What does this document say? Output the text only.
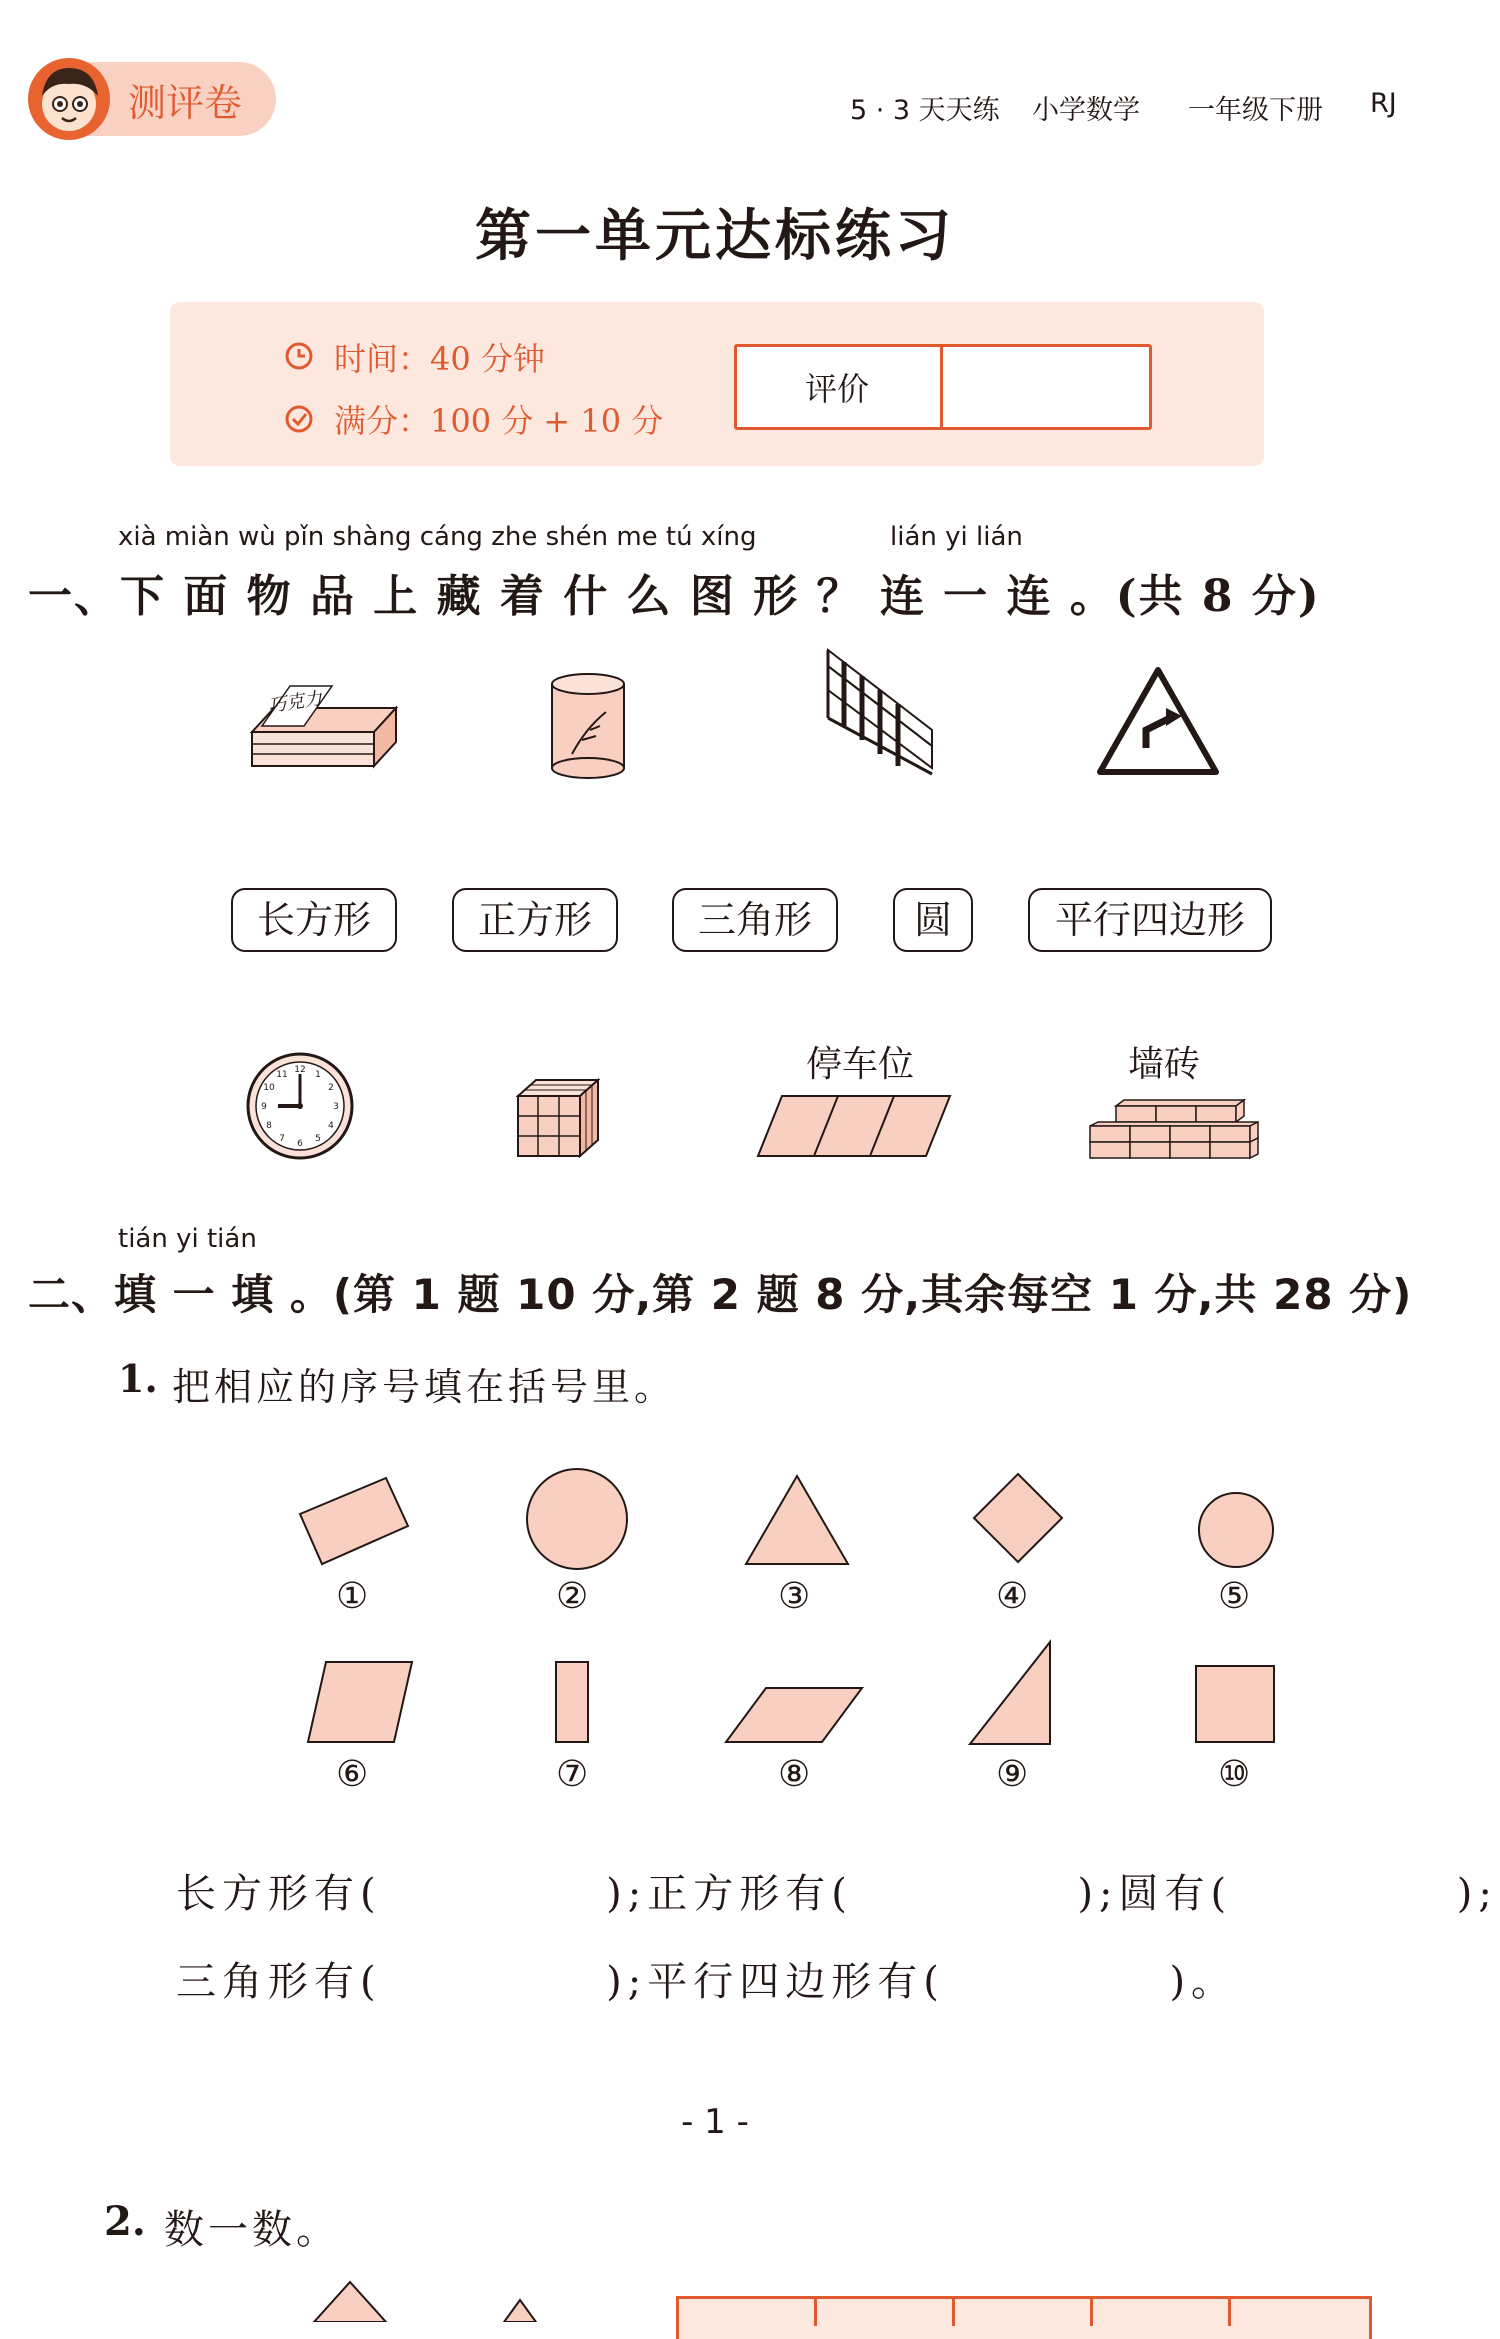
测评卷	5 · 3 天天练 小学数学 一年级下册 RJ
第一单元达标练习
时间：40 分钟
满分：100 分 + 10 分
评价
xià miàn wù pǐn shàng cáng zhe shén me tú xíng	lián yi lián
一、下 面 物 品 上 藏 着 什 么 图 形 ？ 连 一 连 。(共 8 分)
巧克力
长方形	正方形	三角形	圆	平行四边形
12 1
2
3
4
5
6
7
8
9
10
11	停车位	墙砖
tián yi tián
二、填 一 填 。(第 1 题 10 分,第 2 题 8 分,其余每空 1 分,共 28 分)
1. 把相应的序号填在括号里。
①	②	③	④	⑤
⑥	⑦	⑧	⑨	⑩
长方形有(            );正方形有(            );圆有(            );
三角形有(            );平行四边形有(            )。
- 1 -
2. 数一数。
